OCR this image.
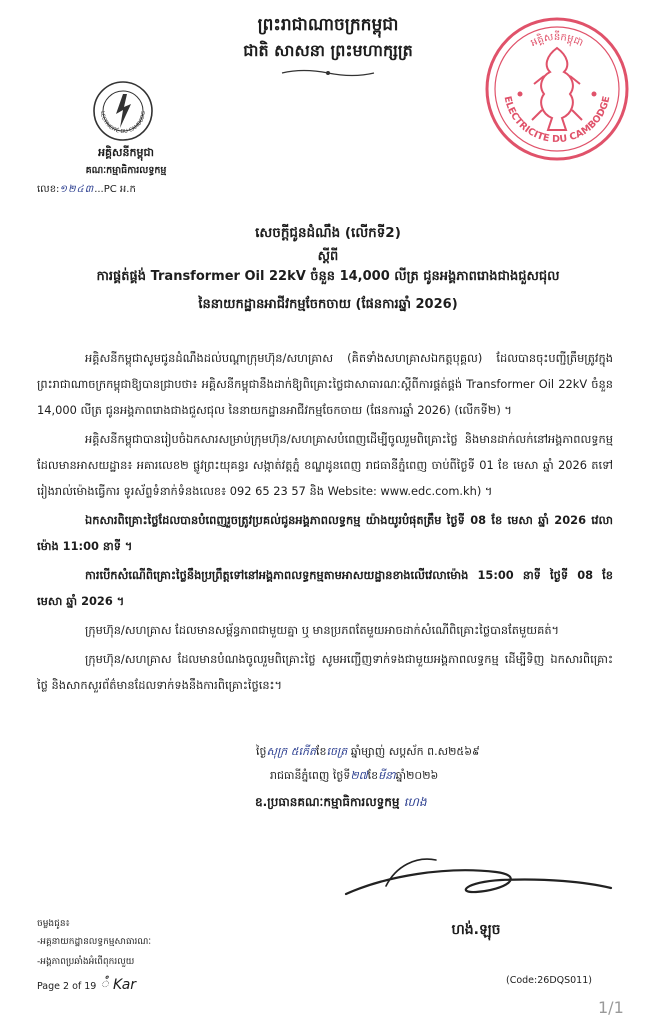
ព្រះរាជាណាចក្រកម្ពុជា
ជាតិ សាសនា ព្រះមហាក្សត្រ
LECTRICITÉ DU CAMBODG
អគ្គិសនីកម្ពុជា
គណៈកម្មាធិការលទ្ធកម្ម
លេខ:១២៤៣...PC អ.ក
អគ្គិសនីកម្ពុជា
ELECTRICITE DU CAMBODGE
សេចក្ដីជូនដំណឹង (លើកទី2)
ស្ដីពី
ការផ្គត់ផ្គង់ Transformer Oil 22kV ចំនួន 14,000 លីត្រ ជូនអង្គភាពរោងជាងជួសជុល
នៃនាយកដ្ឋានអាជីវកម្មចែកចាយ (ផែនការឆ្នាំ 2026)

អគ្គិសនីកម្ពុជាសូមជូនដំណឹងដល់បណ្ដាក្រុមហ៊ុន/សហគ្រាស (គិតទាំងសហគ្រាសឯកត្តបុគ្គល) ដែលបានចុះបញ្ជីត្រឹមត្រូវក្នុងព្រះរាជាណាចក្រកម្ពុជាឱ្យបានជ្រាបថា៖ អគ្គិសនីកម្ពុជានឹងដាក់ឱ្យពិគ្រោះថ្លៃជាសាធារណៈស្ដីពីការផ្គត់ផ្គង់ Transformer Oil 22kV ចំនួន 14,000 លីត្រ ជូនអង្គភាពរោងជាងជួសជុល នៃនាយកដ្ឋានអាជីវកម្មចែកចាយ (ផែនការឆ្នាំ 2026) (លើកទី២) ។

អគ្គិសនីកម្ពុជាបានរៀបចំឯកសារសម្រាប់ក្រុមហ៊ុន/សហគ្រាសបំពេញដើម្បីចូលរួមពិគ្រោះថ្លៃ និងមានដាក់លក់នៅអង្គភាពលទ្ធកម្ម ដែលមានអាសយដ្ឋាន៖ អគារលេខ២ ផ្លូវព្រះយុគន្ធរ សង្កាត់វត្តភ្នំ ខណ្ឌដូនពេញ រាជធានីភ្នំពេញ ចាប់ពីថ្ងៃទី 01 ខែ មេសា ឆ្នាំ 2026 តទៅរៀងរាល់ម៉ោងធ្វើការ ទូរស័ព្ទទំនាក់ទំនងលេខ៖ 092 65 23 57 និង Website: www.edc.com.kh) ។

ឯកសារពិគ្រោះថ្លៃដែលបានបំពេញរួចត្រូវប្រគល់ជូនអង្គភាពលទ្ធកម្ម យ៉ាងយូរបំផុតត្រឹម ថ្ងៃទី 08 ខែ មេសា ឆ្នាំ 2026 វេលាម៉ោង 11:00 នាទី ។

ការបើកសំណើពិគ្រោះថ្លៃនឹងប្រព្រឹត្តទៅនៅអង្គភាពលទ្ធកម្មតាមអាសយដ្ឋានខាងលើវេលាម៉ោង 15:00 នាទី ថ្ងៃទី 08 ខែ មេសា ឆ្នាំ 2026 ។

ក្រុមហ៊ុន/សហគ្រាស ដែលមានសម្ព័ន្ធភាពជាមួយគ្នា ឬ មានប្រភពតែមួយអាចដាក់សំណើពិគ្រោះថ្លៃបានតែមួយគត់។

ក្រុមហ៊ុន/សហគ្រាស ដែលមានបំណងចូលរួមពិគ្រោះថ្លៃ សូមអញ្ជើញទាក់ទងជាមួយអង្គភាពលទ្ធកម្ម ដើម្បីទិញ ឯកសារពិគ្រោះថ្លៃ និងសាកសួរព័ត៌មានដែលទាក់ទងនឹងការពិគ្រោះថ្លៃនេះ។

ថ្ងៃសុក្រ ៥កើតខែចេត្រ ឆ្នាំម្សាញ់ សប្តស័ក ព.ស២៥៦៩
រាជធានីភ្នំពេញ ថ្ងៃទី២៧ខែមីនាឆ្នាំ២០២៦
ឧ.ប្រធានគណៈកម្មាធិការលទ្ធកម្ម ហេង
ហង់.ឡុច
ចម្លងជូន៖
-អគ្គនាយកដ្ឋានលទ្ធកម្មសាធារណៈ
-អង្គភាពប្រឆាំងអំពើពុករលួយ
Page 2 of 19 ំ Kar	(Code:26DQS011)
1/1
